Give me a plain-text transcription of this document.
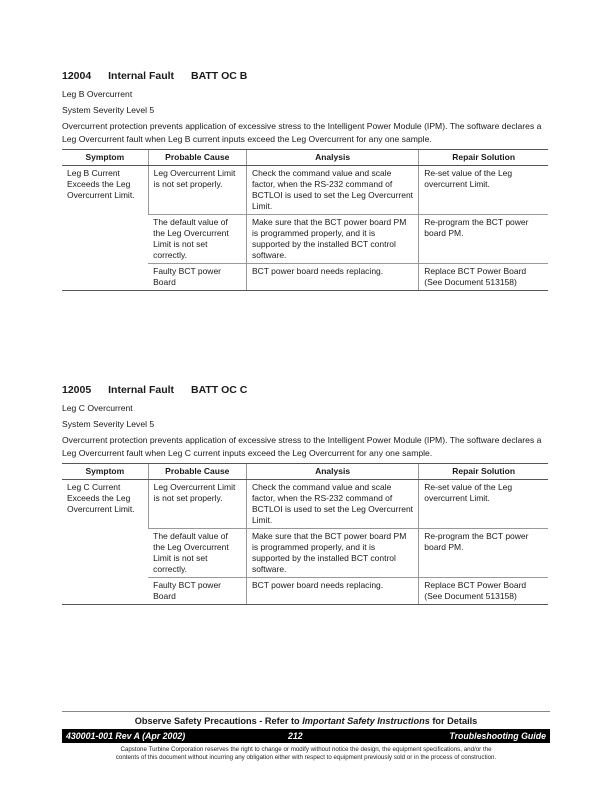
12004 Internal Fault BATT OC B
Leg B Overcurrent
System Severity Level 5
Overcurrent protection prevents application of excessive stress to the Intelligent Power Module (IPM). The software declares a Leg Overcurrent fault when Leg B current inputs exceed the Leg Overcurrent for any one sample.
Symptom	Probable Cause	Analysis	Repair Solution
Leg B Current Exceeds the Leg Overcurrent Limit.	Leg Overcurrent Limit is not set properly.	Check the command value and scale factor, when the RS-232 command of BCTLOI is used to set the Leg Overcurrent Limit.	Re-set value of the Leg overcurrent Limit.
	The default value of the Leg Overcurrent Limit is not set correctly.	Make sure that the BCT power board PM is programmed properly, and it is supported by the installed BCT control software.	Re-program the BCT power board PM.
	Faulty BCT power Board	BCT power board needs replacing.	Replace BCT Power Board (See Document 513158)
12005 Internal Fault BATT OC C
Leg C Overcurrent
System Severity Level 5
Overcurrent protection prevents application of excessive stress to the Intelligent Power Module (IPM). The software declares a Leg Overcurrent fault when Leg C current inputs exceed the Leg Overcurrent for any one sample.
Symptom	Probable Cause	Analysis	Repair Solution
Leg C Current Exceeds the Leg Overcurrent Limit.	Leg Overcurrent Limit is not set properly.	Check the command value and scale factor, when the RS-232 command of BCTLOI is used to set the Leg Overcurrent Limit.	Re-set value of the Leg overcurrent Limit.
	The default value of the Leg Overcurrent Limit is not set correctly.	Make sure that the BCT power board PM is programmed properly, and it is supported by the installed BCT control software.	Re-program the BCT power board PM.
	Faulty BCT power Board	BCT power board needs replacing.	Replace BCT Power Board (See Document 513158)
Observe Safety Precautions - Refer to Important Safety Instructions for Details
430001-001 Rev A (Apr 2002)	212	Troubleshooting Guide
Capstone Turbine Corporation reserves the right to change or modify without notice the design, the equipment specifications, and/or the
contents of this document without incurring any obligation either with respect to equipment previously sold or in the process of construction.
